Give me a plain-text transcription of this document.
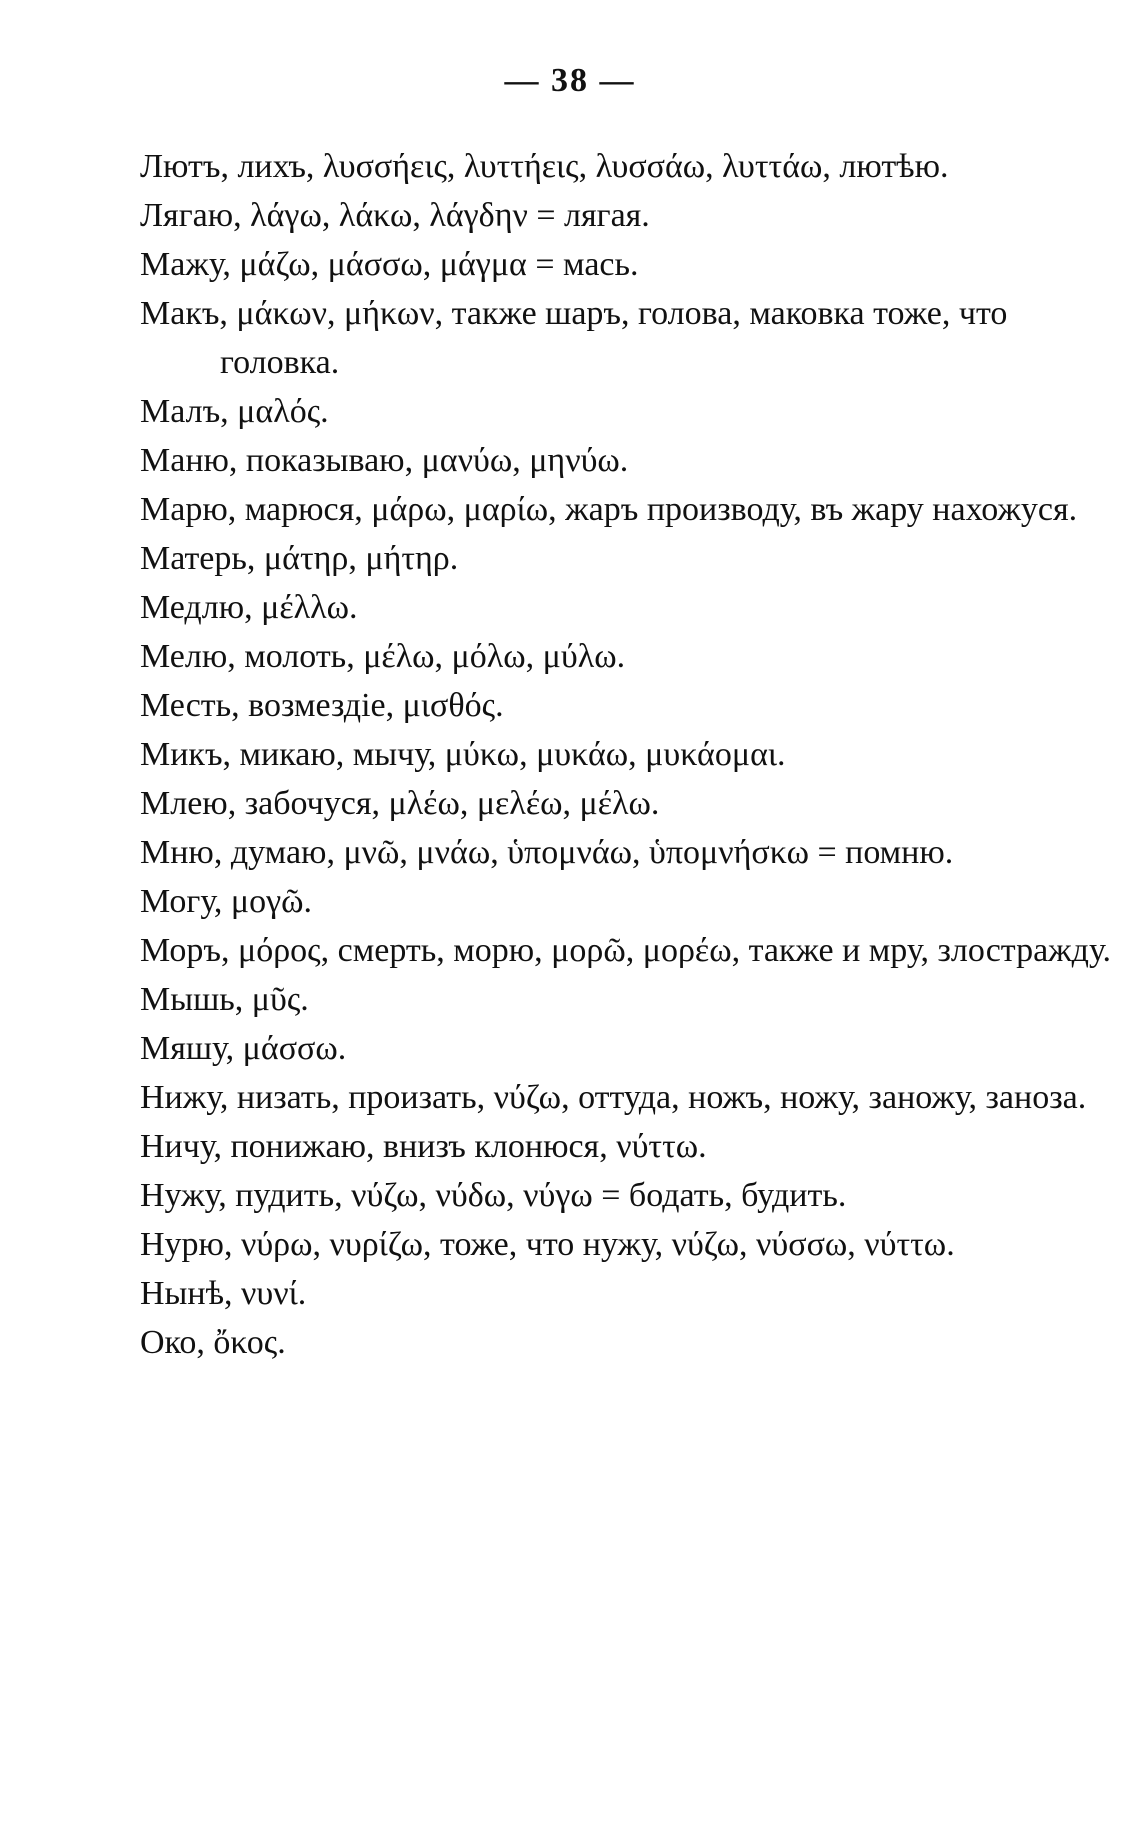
— 38 —
Лютъ, лихъ, λυσσήεις, λυττήεις, λυσσάω, λυττάω, лютѣю.
Лягаю, λάγω, λάκω, λάγδην = лягая.
Мажу, μάζω, μάσσω, μάγμα = мась.
Макъ, μάκων, μήκων, также шаръ, голова, маковка тоже, что головка.
Малъ, μαλός.
Маню, показываю, μανύω, μηνύω.
Марю, марюся, μάρω, μαρίω, жаръ производу, въ жару нахожуся.
Матерь, μάτηρ, μήτηρ.
Медлю, μέλλω.
Мелю, молоть, μέλω, μόλω, μύλω.
Месть, возмездіе, μισθός.
Микъ, микаю, мычу, μύκω, μυκάω, μυκάομαι.
Млею, забочуся, μλέω, μελέω, μέλω.
Мню, думаю, μνῶ, μνάω, ὑπομνάω, ὑπομνήσκω = помню.
Могу, μογῶ.
Моръ, μόρος, смерть, морю, μορῶ, μορέω, также и мру, злостражду.
Мышь, μῦς.
Мяшу, μάσσω.
Нижу, низать, произать, νύζω, оттуда, ножъ, ножу, заножу, заноза.
Ничу, понижаю, внизъ клонюся, νύττω.
Нужу, пудить, νύζω, νύδω, νύγω = бодать, будить.
Нурю, νύρω, νυρίζω, тоже, что нужу, νύζω, νύσσω, νύττω.
Нынѣ, νυνί.
Око, ὄκος.
